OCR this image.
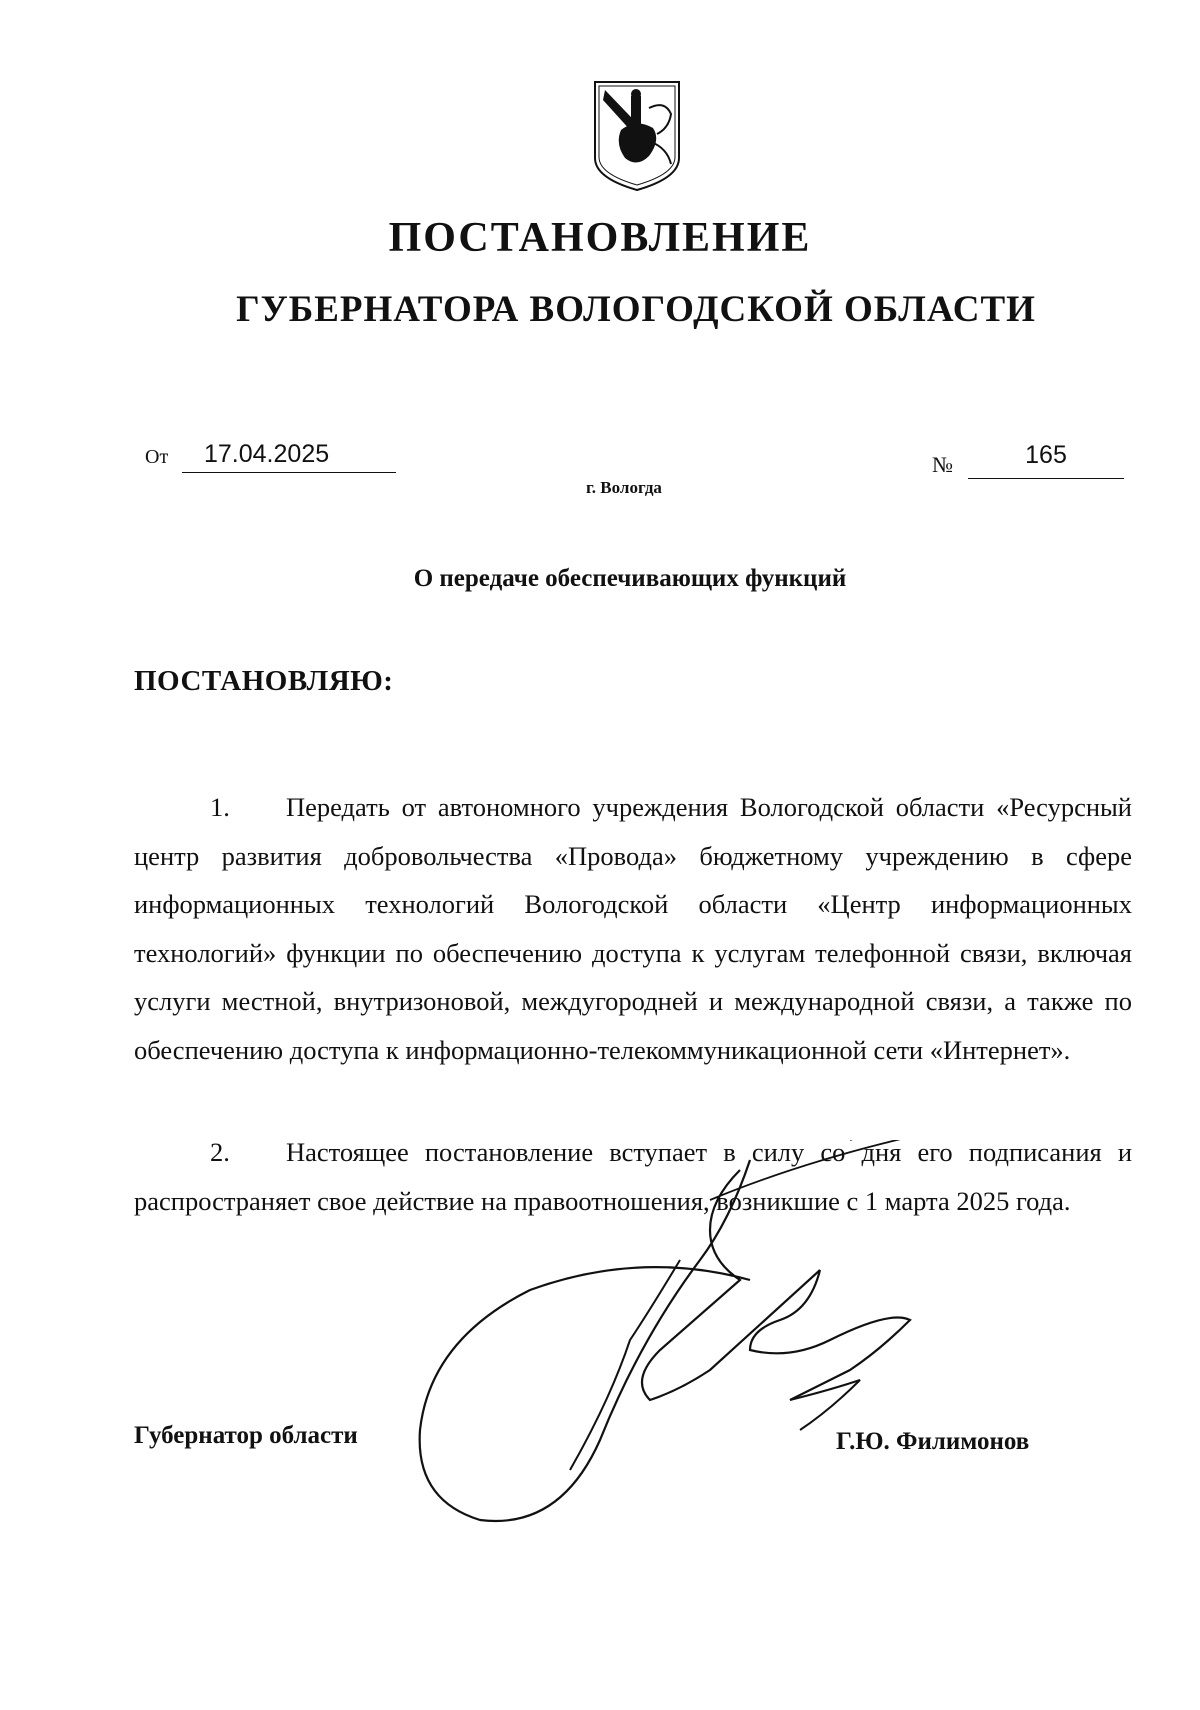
ПОСТАНОВЛЕНИЕ
ГУБЕРНАТОРА ВОЛОГОДСКОЙ ОБЛАСТИ
От	17.04.2025	№	165
г. Вологда
О передаче обеспечивающих функций
ПОСТАНОВЛЯЮ:
1. Передать от автономного учреждения Вологодской области «Ресурсный центр развития добровольчества «Провода» бюджетному учреждению в сфере информационных технологий Вологодской области «Центр информационных технологий» функции по обеспечению доступа к услугам телефонной связи, включая услуги местной, внутризоновой, междугородней и международной связи, а также по обеспечению доступа к информационно-телекоммуникационной сети «Интернет».
2. Настоящее постановление вступает в силу со дня его подписания и распространяет свое действие на правоотношения, возникшие с 1 марта 2025 года.
Губернатор области	Г.Ю. Филимонов
